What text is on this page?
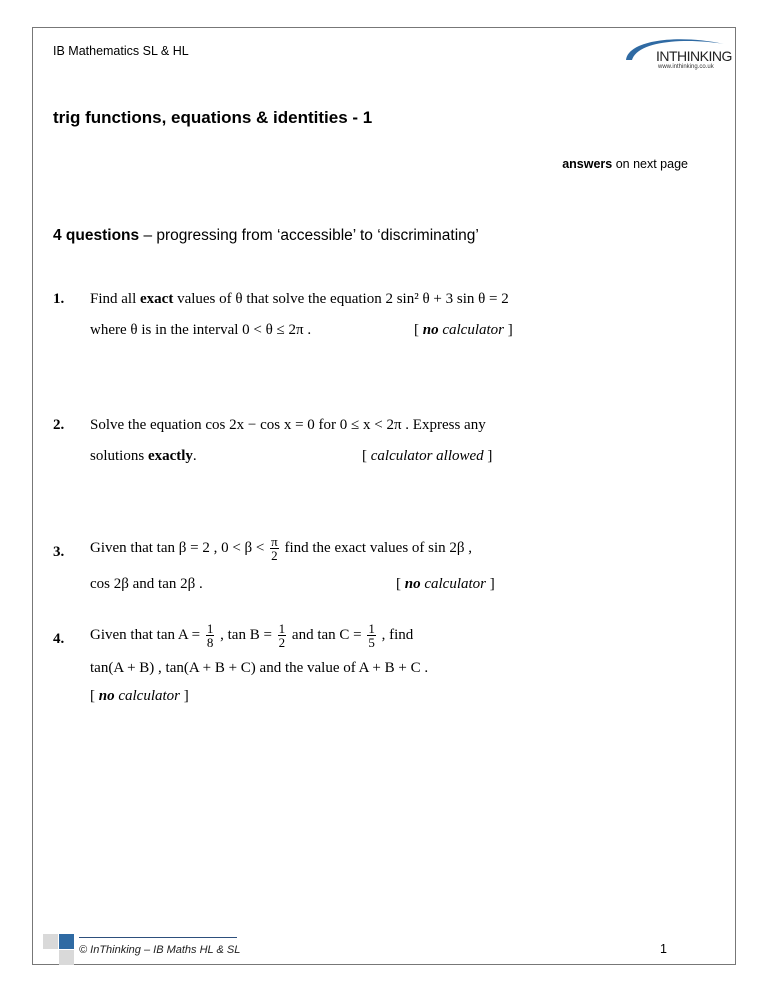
IB Mathematics SL & HL	INTHINKING
www.inthinking.co.uk
trig functions, equations & identities - 1
answers on next page
4 questions – progressing from ‘accessible’ to ‘discriminating’
1. Find all exact values of θ that solve the equation 2 sin² θ + 3 sin θ = 2
where θ is in the interval 0 < θ ≤ 2π .	[ no calculator ]
2. Solve the equation cos 2x − cos x = 0 for 0 ≤ x < 2π . Express any
solutions exactly.	[ calculator allowed ]
3. Given that tan β = 2 , $0 < \beta < \frac{\pi}{2}$ find the exact values of sin 2β ,
cos 2β and tan 2β .	[ no calculator ]
4. Given that $\tan A = \frac{1}{8}$ , $\tan B = \frac{1}{2}$ and $\tan C = \frac{1}{5}$ , find
tan(A + B) , tan(A + B + C) and the value of A + B + C .
[ no calculator ]
© InThinking – IB Maths HL & SL	1
